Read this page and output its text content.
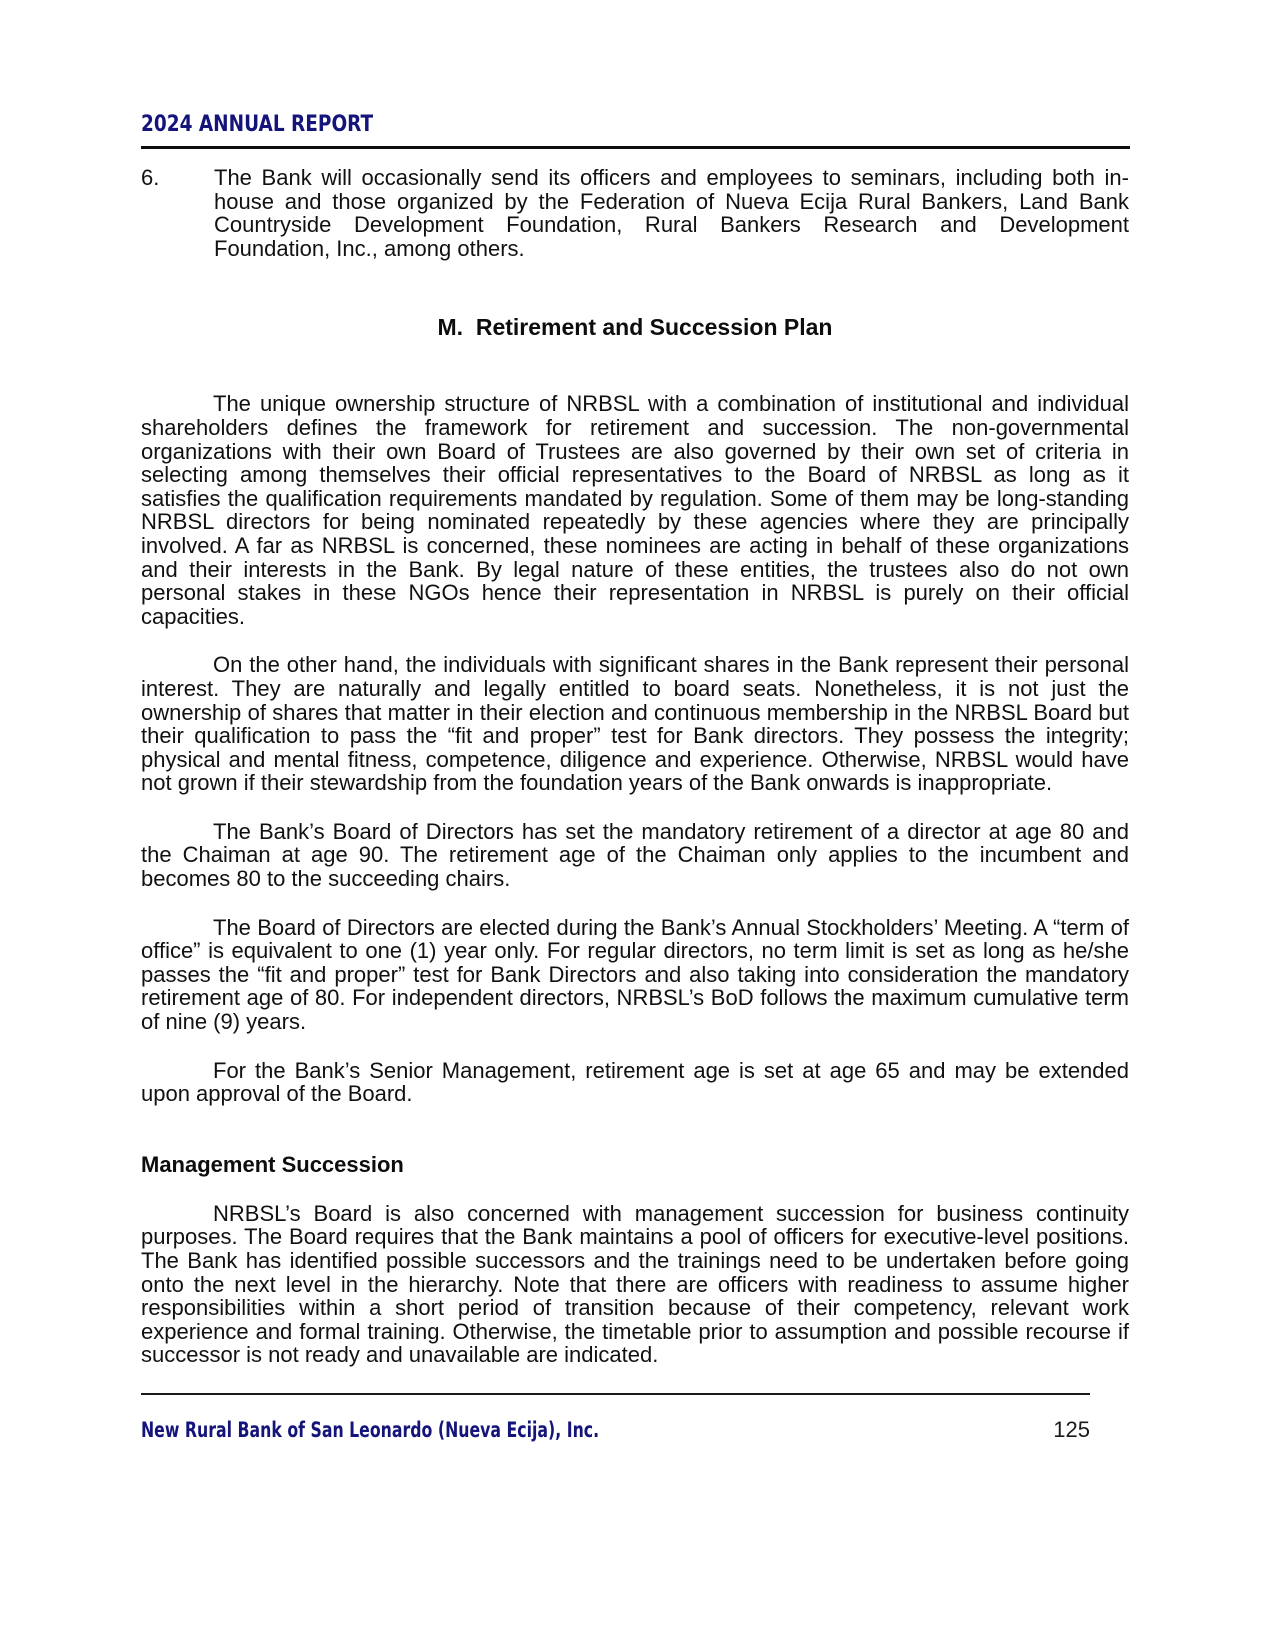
2024 ANNUAL REPORT
6.	The Bank will occasionally send its officers and employees to seminars, including both in-house and those organized by the Federation of Nueva Ecija Rural Bankers, Land Bank Countryside Development Foundation, Rural Bankers Research and Development Foundation, Inc., among others.
M.  Retirement and Succession Plan

The unique ownership structure of NRBSL with a combination of institutional and individual shareholders defines the framework for retirement and succession. The non-governmental organizations with their own Board of Trustees are also governed by their own set of criteria in selecting among themselves their official representatives to the Board of NRBSL as long as it satisfies the qualification requirements mandated by regulation. Some of them may be long-standing NRBSL directors for being nominated repeatedly by these agencies where they are principally involved. A far as NRBSL is concerned, these nominees are acting in behalf of these organizations and their interests in the Bank. By legal nature of these entities, the trustees also do not own personal stakes in these NGOs hence their representation in NRBSL is purely on their official capacities.

On the other hand, the individuals with significant shares in the Bank represent their personal interest. They are naturally and legally entitled to board seats. Nonetheless, it is not just the ownership of shares that matter in their election and continuous membership in the NRBSL Board but their qualification to pass the “fit and proper” test for Bank directors. They possess the integrity; physical and mental fitness, competence, diligence and experience. Otherwise, NRBSL would have not grown if their stewardship from the foundation years of the Bank onwards is inappropriate.

The Bank’s Board of Directors has set the mandatory retirement of a director at age 80 and the Chaiman at age 90. The retirement age of the Chaiman only applies to the incumbent and becomes 80 to the succeeding chairs.

The Board of Directors are elected during the Bank’s Annual Stockholders’ Meeting. A “term of office” is equivalent to one (1) year only. For regular directors, no term limit is set as long as he/she passes the “fit and proper” test for Bank Directors and also taking into consideration the mandatory retirement age of 80. For independent directors, NRBSL’s BoD follows the maximum cumulative term of nine (9) years.

For the Bank’s Senior Management, retirement age is set at age 65 and may be extended upon approval of the Board.

Management Succession

NRBSL’s Board is also concerned with management succession for business continuity purposes. The Board requires that the Bank maintains a pool of officers for executive-level positions. The Bank has identified possible successors and the trainings need to be undertaken before going onto the next level in the hierarchy. Note that there are officers with readiness to assume higher responsibilities within a short period of transition because of their competency, relevant work experience and formal training. Otherwise, the timetable prior to assumption and possible recourse if successor is not ready and unavailable are indicated.

New Rural Bank of San Leonardo (Nueva Ecija), Inc.	125
